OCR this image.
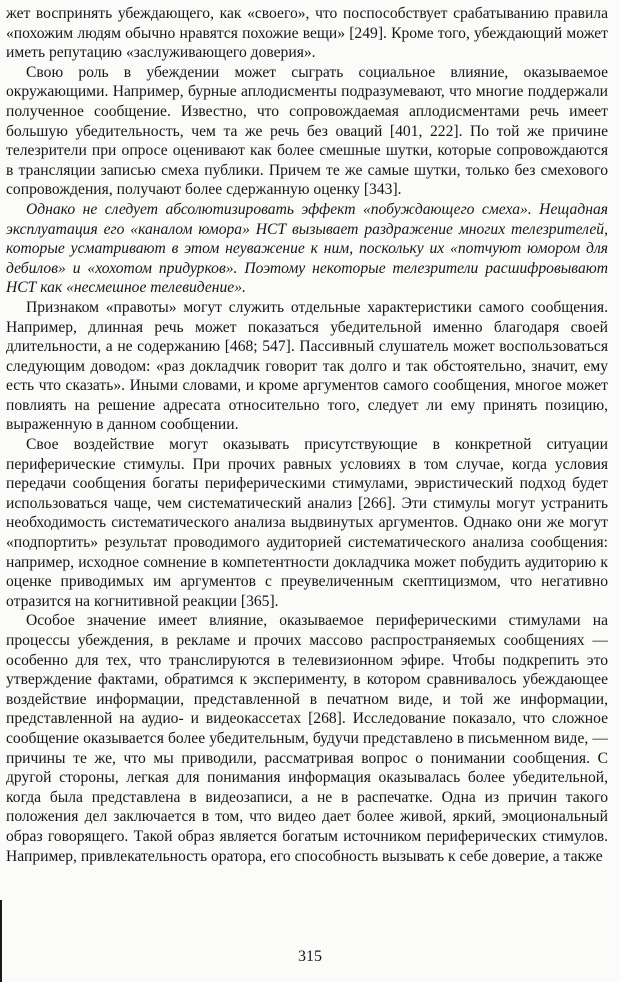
жет воспринять убеждающего, как «своего», что поспособствует срабатыванию правила «похожим людям обычно нравятся похожие вещи» [249]. Кроме того, убеждающий может иметь репутацию «заслуживающего доверия».

Свою роль в убеждении может сыграть социальное влияние, оказываемое окружающими. Например, бурные аплодисменты подразумевают, что многие поддержали полученное сообщение. Известно, что сопровождаемая аплодисментами речь имеет большую убедительность, чем та же речь без оваций [401, 222]. По той же причине телезрители при опросе оценивают как более смешные шутки, которые сопровождаются в трансляции записью смеха публики. Причем те же самые шутки, только без смехового сопровождения, получают более сдержанную оценку [343].

Однако не следует абсолютизировать эффект «побуждающего смеха». Нещадная эксплуатация его «каналом юмора» НСТ вызывает раздражение многих телезрителей, которые усматривают в этом неуважение к ним, поскольку их «потчуют юмором для дебилов» и «хохотом придурков». Поэтому некоторые телезрители расшифровывают НСТ как «несмешное телевидение».

Признаком «правоты» могут служить отдельные характеристики самого сообщения. Например, длинная речь может показаться убедительной именно благодаря своей длительности, а не содержанию [468; 547]. Пассивный слушатель может воспользоваться следующим доводом: «раз докладчик говорит так долго и так обстоятельно, значит, ему есть что сказать». Иными словами, и кроме аргументов самого сообщения, многое может повлиять на решение адресата относительно того, следует ли ему принять позицию, выраженную в данном сообщении.

Свое воздействие могут оказывать присутствующие в конкретной ситуации периферические стимулы. При прочих равных условиях в том случае, когда условия передачи сообщения богаты периферическими стимулами, эвристический подход будет использоваться чаще, чем систематический анализ [266]. Эти стимулы могут устранить необходимость систематического анализа выдвинутых аргументов. Однако они же могут «подпортить» результат проводимого аудиторией систематического анализа сообщения: например, исходное сомнение в компетентности докладчика может побудить аудиторию к оценке приводимых им аргументов с преувеличенным скептицизмом, что негативно отразится на когнитивной реакции [365].

Особое значение имеет влияние, оказываемое периферическими стимулами на процессы убеждения, в рекламе и прочих массово распространяемых сообщениях — особенно для тех, что транслируются в телевизионном эфире. Чтобы подкрепить это утверждение фактами, обратимся к эксперименту, в котором сравнивалось убеждающее воздействие информации, представленной в печатном виде, и той же информации, представленной на аудио- и видеокассетах [268]. Исследование показало, что сложное сообщение оказывается более убедительным, будучи представлено в письменном виде, — причины те же, что мы приводили, рассматривая вопрос о понимании сообщения. С другой стороны, легкая для понимания информация оказывалась более убедительной, когда была представлена в видеозаписи, а не в распечатке. Одна из причин такого положения дел заключается в том, что видео дает более живой, яркий, эмоциональный образ говорящего. Такой образ является богатым источником периферических стимулов. Например, привлекательность оратора, его способность вызывать к себе доверие, а также

315
